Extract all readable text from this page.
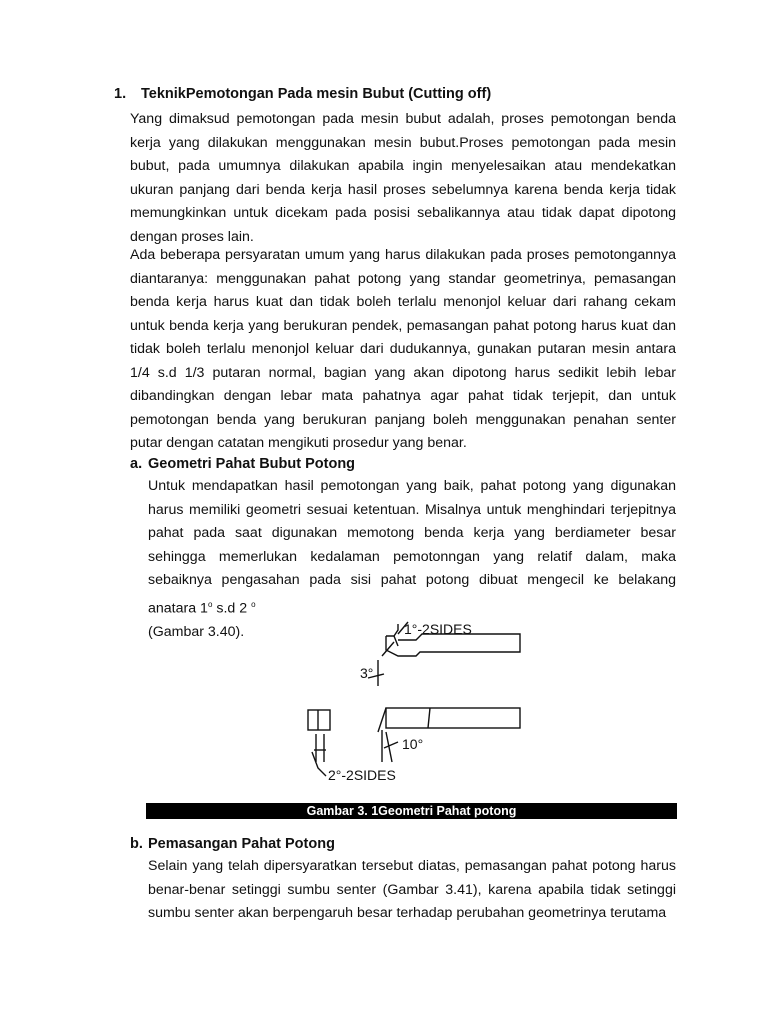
1. TeknikPemotongan Pada mesin Bubut (Cutting off)

Yang dimaksud pemotongan pada mesin bubut adalah, proses pemotongan benda kerja yang dilakukan menggunakan mesin bubut.Proses pemotongan pada mesin bubut, pada umumnya dilakukan apabila ingin menyelesaikan atau mendekatkan ukuran panjang dari benda kerja hasil proses sebelumnya karena benda kerja tidak memungkinkan untuk dicekam pada posisi sebalikannya atau tidak dapat dipotong dengan proses lain.

Ada beberapa persyaratan umum yang harus dilakukan pada proses pemotongannya diantaranya: menggunakan pahat potong yang standar geometrinya, pemasangan benda kerja harus kuat dan tidak boleh terlalu menonjol keluar dari rahang cekam untuk benda kerja yang berukuran pendek, pemasangan pahat potong harus kuat dan tidak boleh terlalu menonjol keluar dari dudukannya, gunakan putaran mesin antara 1/4 s.d 1/3 putaran normal, bagian yang akan dipotong harus sedikit lebih lebar dibandingkan dengan lebar mata pahatnya agar pahat tidak terjepit, dan untuk pemotongan benda yang berukuran panjang boleh menggunakan penahan senter putar dengan catatan mengikuti prosedur yang benar.

a. Geometri Pahat Bubut Potong

Untuk mendapatkan hasil pemotongan yang baik, pahat potong yang digunakan harus memiliki geometri sesuai ketentuan. Misalnya untuk menghindari terjepitnya pahat pada saat digunakan memotong benda kerja yang berdiameter besar sehingga memerlukan kedalaman pemotonngan yang relatif dalam, maka sebaiknya pengasahan pada sisi pahat potong dibuat mengecil ke belakang anatara 1$^o$ s.d 2 $^o$
(Gambar 3.40).	1°-2SIDES
3°
10°
2°-2SIDES
Gambar 3. 1Geometri Pahat potong
b. Pemasangan Pahat Potong

Selain yang telah dipersyaratkan tersebut diatas, pemasangan pahat potong harus benar-benar setinggi sumbu senter (Gambar 3.41), karena apabila tidak setinggi sumbu senter akan berpengaruh besar terhadap perubahan geometrinya terutama
